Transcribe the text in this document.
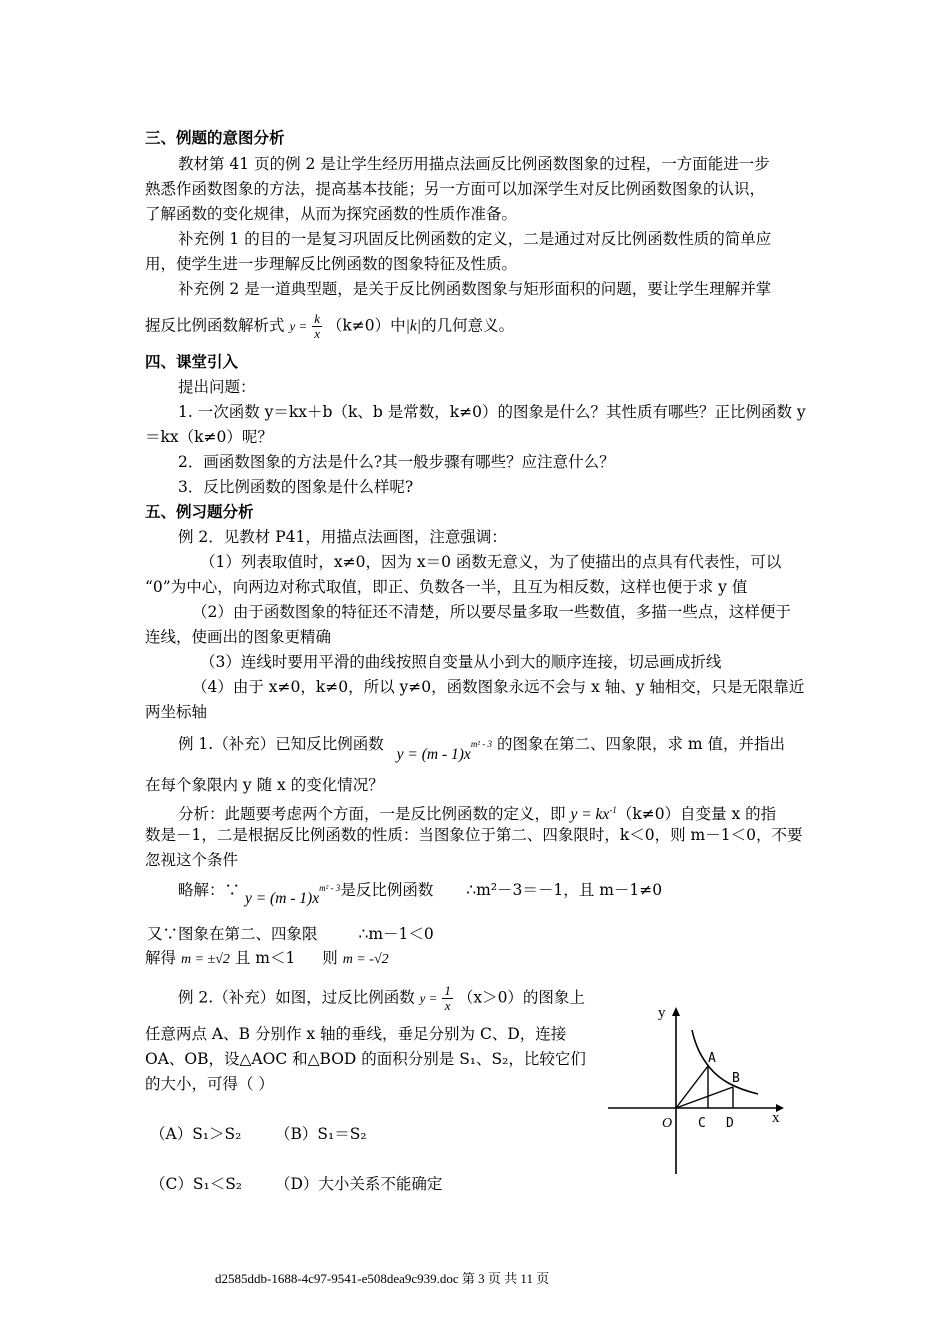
三、例题的意图分析
教材第 41 页的例 2 是让学生经历用描点法画反比例函数图象的过程，一方面能进一步
熟悉作函数图象的方法，提高基本技能；另一方面可以加深学生对反比例函数图象的认识，
了解函数的变化规律，从而为探究函数的性质作准备。
补充例 1 的目的一是复习巩固反比例函数的定义，二是通过对反比例函数性质的简单应
用，使学生进一步理解反比例函数的图象特征及性质。
补充例 2 是一道典型题，是关于反比例函数图象与矩形面积的问题，要让学生理解并掌
握反比例函数解析式 $y = \frac{k}{x} (k\ne 0)$中|k|的几何意义。
四、课堂引入
提出问题：
1. 一次函数 y＝kx＋b（k、b 是常数，k≠0）的图象是什么？其性质有哪些？正比例函数 y
＝kx（k≠0）呢？
2．画函数图象的方法是什么?其一般步骤有哪些？应注意什么？
3．反比例函数的图象是什么样呢?
五、例习题分析
例 2．见教材 P41，用描点法画图，注意强调：
（1）列表取值时，x≠0，因为 x＝0 函数无意义，为了使描出的点具有代表性，可以
“0”为中心，向两边对称式取值，即正、负数各一半，且互为相反数，这样也便于求 y 值
（2）由于函数图象的特征还不清楚，所以要尽量多取一些数值，多描一些点，这样便于
连线，使画出的图象更精确
（3）连线时要用平滑的曲线按照自变量从小到大的顺序连接，切忌画成折线
（4）由于 x≠0，k≠0，所以 y≠0，函数图象永远不会与 x 轴、y 轴相交，只是无限靠近
两坐标轴
例 1.（补充）已知反比例函数 $y = (m - 1)x^{m^2 - 3}$ 的图象在第二、四象限，求 m 值，并指出
在每个象限内 y 随 x 的变化情况？
分析：此题要考虑两个方面，一是反比例函数的定义，即 $y = kx^{-1}(k\ne 0)$自变量 x 的指
数是－1，二是根据反比例函数的性质：当图象位于第二、四象限时，k＜0，则 m－1＜0，不要
忽视这个条件
略解：∵ $y = (m - 1)x^{m^2 - 3}$是反比例函数 ∴m²－3＝－1，且 m－1≠0
又∵图象在第二、四象限	∴m－1＜0
解得 m = ±√2 且 m＜1 则 m = -√2
例 2.（补充）如图，过反比例函数 $y = \frac{1}{x} (x>0)$的图象上
任意两点 A、B 分别作 x 轴的垂线，垂足分别为 C、D，连接
OA、OB，设△AOC 和△BOD 的面积分别是 S₁、S₂，比较它们
的大小，可得（ ）
（A）S₁＞S₂ （B）S₁＝S₂
（C）S₁＜S₂ （D）大小关系不能确定
y
x
O
A
B
C D
d2585ddb-1688-4c97-9541-e508dea9c939.doc 第 3 页 共 11 页
